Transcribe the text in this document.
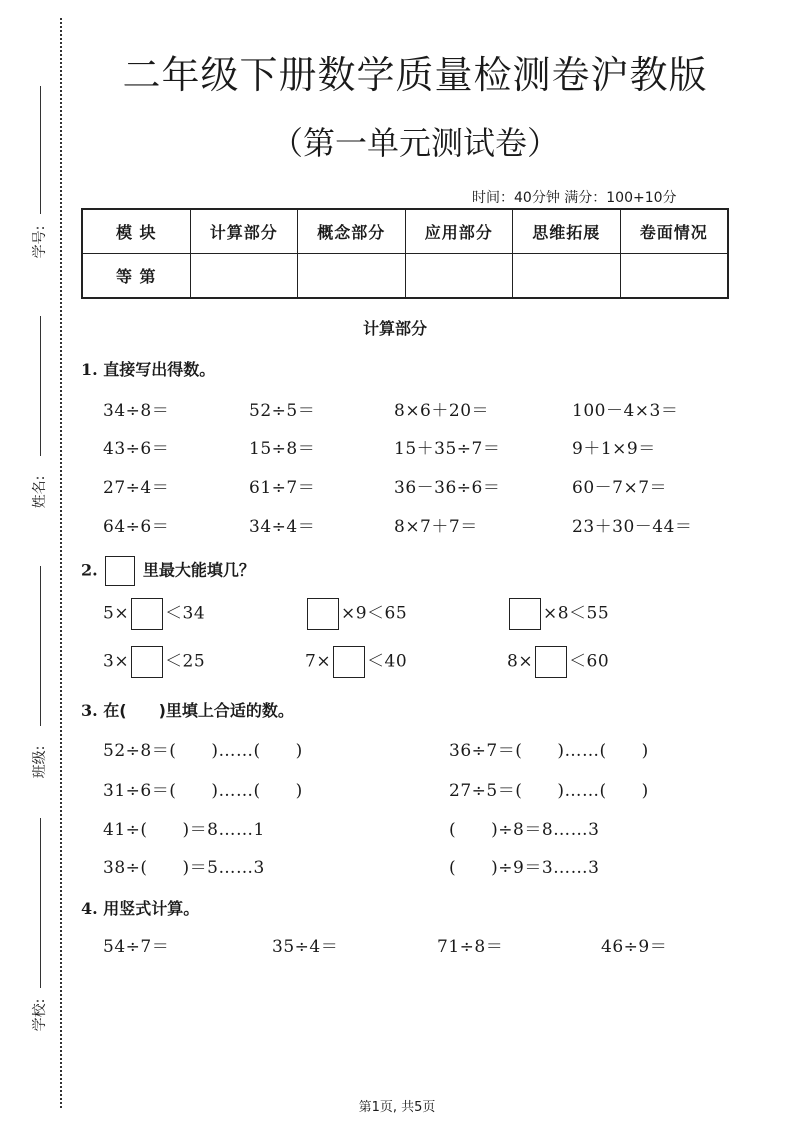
学号:
姓名:
班级:
学校:
二年级下册数学质量检测卷沪教版
（第一单元测试卷）
时间：40分钟 满分：100+10分
模 块	计算部分	概念部分	应用部分	思维拓展	卷面情况
等 第					
计算部分
1. 直接写出得数。
34÷8＝	52÷5＝	8×6＋20＝	100－4×3＝
43÷6＝	15÷8＝	15＋35÷7＝	9＋1×9＝
27÷4＝	61÷7＝	36－36÷6＝	60－7×7＝
64÷6＝	34÷4＝	8×7＋7＝	23＋30－44＝
2.	里最大能填几？
5× ＜34	×9＜65	×8＜55
3× ＜25	7× ＜40	8× ＜60
3. 在(　　)里填上合适的数。
52÷8＝(　　)……(　　)	36÷7＝(　　)……(　　)
31÷6＝(　　)……(　　)	27÷5＝(　　)……(　　)
41÷(　　)＝8……1	(　　)÷8＝8……3
38÷(　　)＝5……3	(　　)÷9＝3……3
4. 用竖式计算。
54÷7＝	35÷4＝	71÷8＝	46÷9＝
第1页, 共5页
